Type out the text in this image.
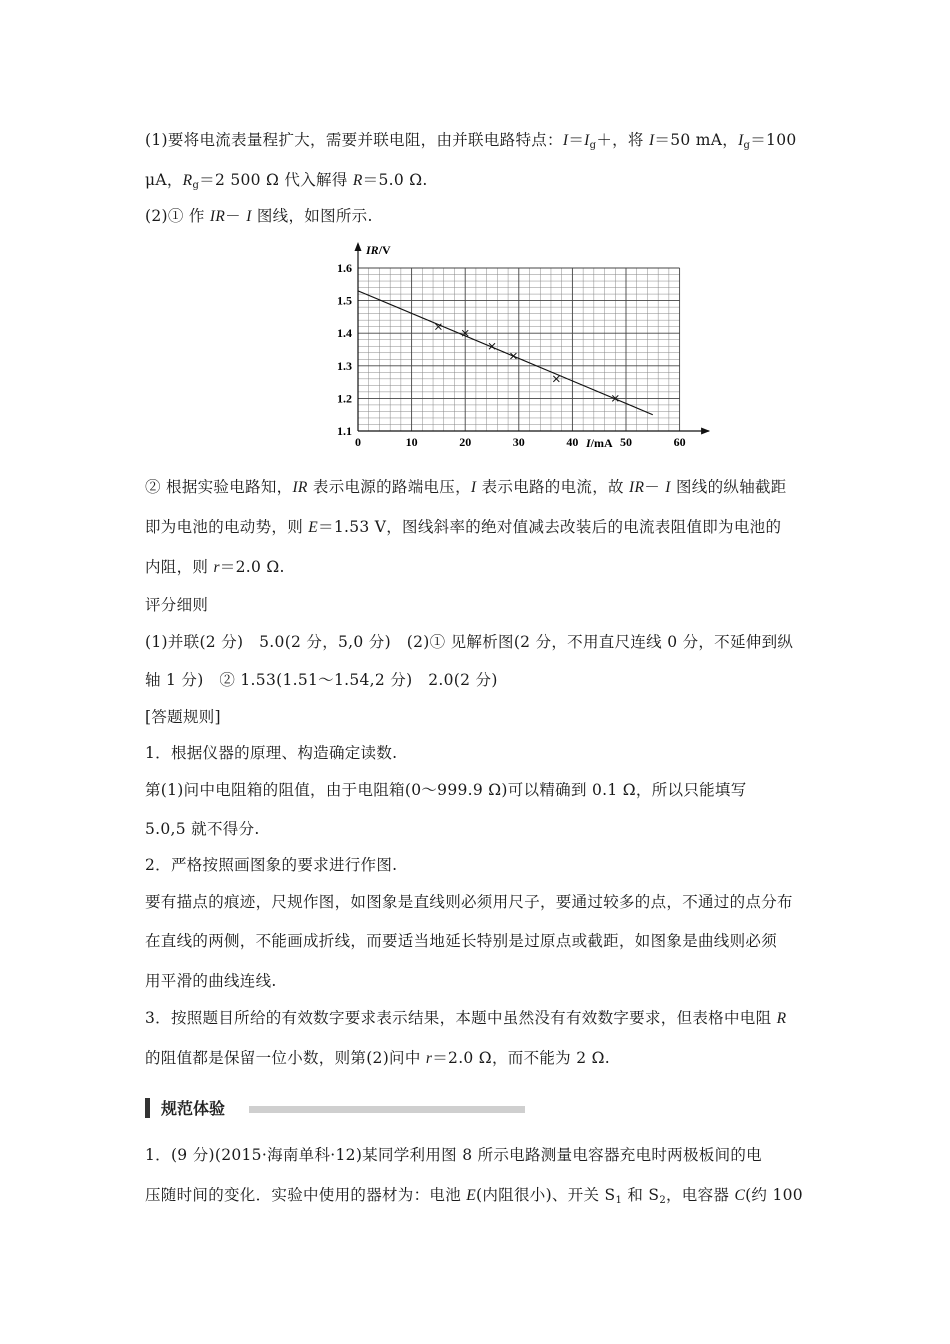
(1)要将电流表量程扩大，需要并联电阻，由并联电路特点：$I=I_g+$，将 I＝50 mA，$I_g=100$
μA，$R_g=2$ 500 Ω 代入解得 R＝5.0 Ω.
(2)① 作 IR－ I 图线，如图所示.
0	10	20	30	40	50	60
1.1
1.2
1.3
1.4
1.5
1.6
IR/V
I/mA
② 根据实验电路知，IR 表示电源的路端电压，I 表示电路的电流，故 IR－ I 图线的纵轴截距
即为电池的电动势，则 E＝1.53 V，图线斜率的绝对值减去改装后的电流表阻值即为电池的
内阻，则 r＝2.0 Ω.
评分细则
(1)并联(2 分)　5.0(2 分，5,0 分)　(2)① 见解析图(2 分，不用直尺连线 0 分，不延伸到纵
轴 1 分)　② 1.53(1.51～1.54,2 分)　2.0(2 分)
[答题规则]
1．根据仪器的原理、构造确定读数.
第(1)问中电阻箱的阻值，由于电阻箱(0～999.9 Ω)可以精确到 0.1 Ω，所以只能填写
5.0,5 就不得分.
2．严格按照画图象的要求进行作图.
要有描点的痕迹，尺规作图，如图象是直线则必须用尺子，要通过较多的点，不通过的点分布
在直线的两侧，不能画成折线，而要适当地延长特别是过原点或截距，如图象是曲线则必须
用平滑的曲线连线.
3．按照题目所给的有效数字要求表示结果，本题中虽然没有有效数字要求，但表格中电阻 R
的阻值都是保留一位小数，则第(2)问中 r＝2.0 Ω，而不能为 2 Ω.
规范体验
1．(9 分)(2015·海南单科·12)某同学利用图 8 所示电路测量电容器充电时两极板间的电
压随时间的变化．实验中使用的器材为：电池 E(内阻很小)、开关 $S_1$ 和 $S_2$，电容器 C(约 100
